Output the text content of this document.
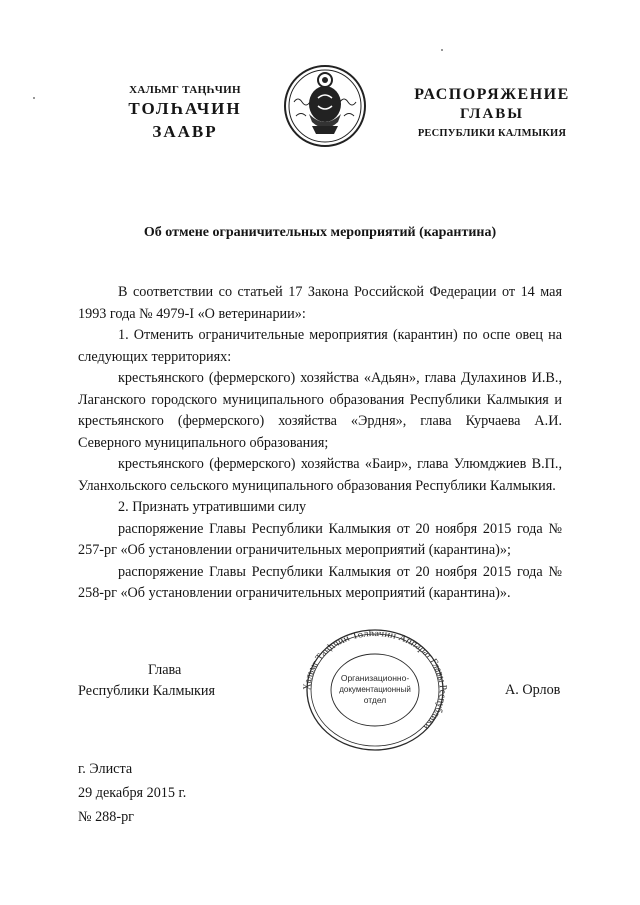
ХАЛЬМГ ТАҢҺЧИН
ТОЛҺАЧИН
ЗААВР
РАСПОРЯЖЕНИЕ
ГЛАВЫ
РЕСПУБЛИКИ КАЛМЫКИЯ
Об отмене ограничительных мероприятий (карантина)

В соответствии со статьей 17 Закона Российской Федерации от 14 мая 1993 года № 4979-I «О ветеринарии»:

1. Отменить ограничительные мероприятия (карантин) по оспе овец на следующих территориях:

крестьянского (фермерского) хозяйства «Адьян», глава Дулахинов И.В., Лаганского городского муниципального образования Республики Калмыкия и крестьянского (фермерского) хозяйства «Эрдня», глава Курчаева А.И. Северного муниципального образования;

крестьянского (фермерского) хозяйства «Баир», глава Улюмджиев В.П., Уланхольского сельского муниципального образования Республики Калмыкия.

2. Признать утратившими силу

распоряжение Главы Республики Калмыкия от 20 ноября 2015 года № 257-рг «Об установлении ограничительных мероприятий (карантина)»;

распоряжение Главы Республики Калмыкия от 20 ноября 2015 года № 258-рг «Об установлении ограничительных мероприятий (карантина)».

Хальмг Таңһчин Толһачин Аппарат Главы Республики
Организационно-
документационный
отдел
Глава
Республики Калмыкия	А. Орлов
г. Элиста
29 декабря 2015 г.
№ 288-рг
